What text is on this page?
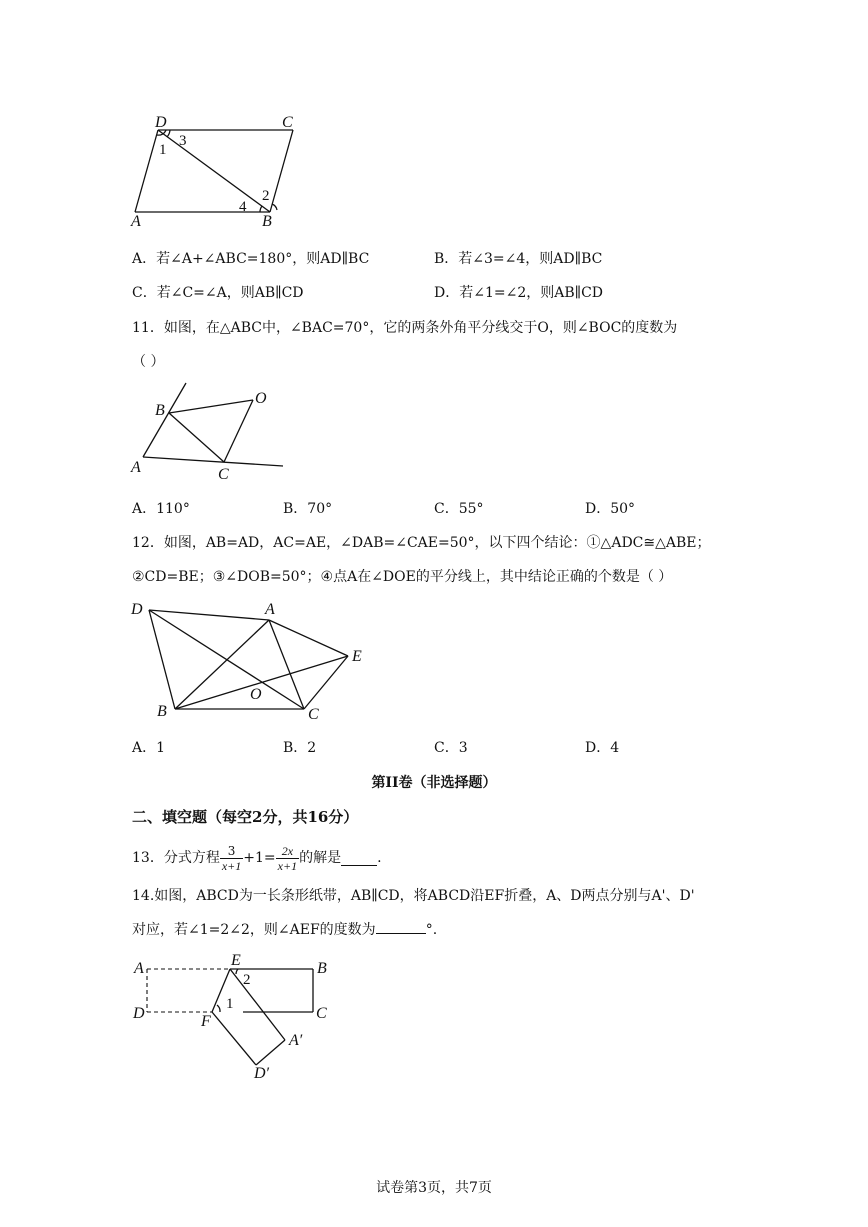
D	C
A	B
1
3
2
4
A．若∠A+∠ABC=180°，则AD∥BC	B．若∠3=∠4，则AD∥BC
C．若∠C=∠A，则AB∥CD	D．若∠1=∠2，则AB∥CD
11．如图，在△ABC中，∠BAC=70°，它的两条外角平分线交于O，则∠BOC的度数为
（ ）
B
O
A	C
A．110°	B．70°	C．55°	D．50°
12．如图，AB=AD，AC=AE，∠DAB=∠CAE=50°，以下四个结论：①△ADC≅△ABE；
②CD=BE；③∠DOB=50°；④点A在∠DOE的平分线上，其中结论正确的个数是（ ）
D	A
E
O
B	C
A．1	B．2	C．3	D．4
第II卷（非选择题）
二、填空题（每空2分，共16分）
13．分式方程 $\frac{3}{x+1} +1= \frac{2x}{x+1}$ 的解是	.
14.如图，ABCD为一长条形纸带，AB∥CD，将ABCD沿EF折叠，A、D两点分别与A'、D'
对应，若∠1=2∠2，则∠AEF的度数为	°.
A	E	B
D	F	C
A′
D′
2
1
试卷第3页，共7页
